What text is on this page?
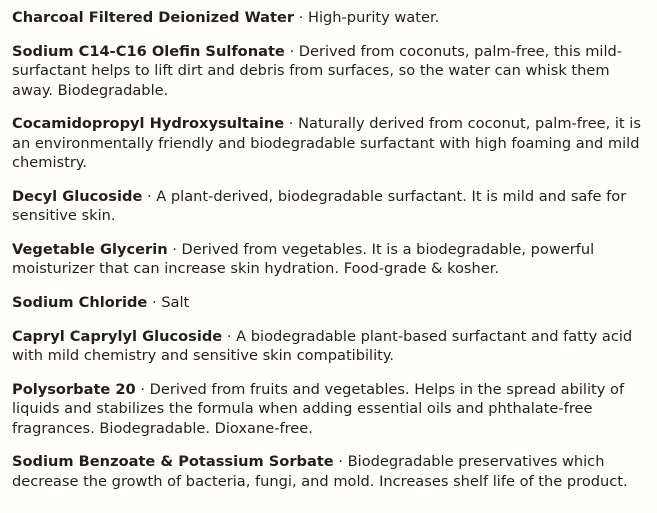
Charcoal Filtered Deionized Water · High-purity water.

Sodium C14-C16 Olefin Sulfonate · Derived from coconuts, palm-free, this mild-surfactant helps to lift dirt and debris from surfaces, so the water can whisk them away. Biodegradable.

Cocamidopropyl Hydroxysultaine · Naturally derived from coconut, palm-free, it is an environmentally friendly and biodegradable surfactant with high foaming and mild chemistry.

Decyl Glucoside · A plant-derived, biodegradable surfactant. It is mild and safe for sensitive skin.

Vegetable Glycerin · Derived from vegetables. It is a biodegradable, powerful moisturizer that can increase skin hydration. Food-grade & kosher.

Sodium Chloride · Salt

Capryl Caprylyl Glucoside · A biodegradable plant-based surfactant and fatty acid with mild chemistry and sensitive skin compatibility.

Polysorbate 20 · Derived from fruits and vegetables. Helps in the spread ability of liquids and stabilizes the formula when adding essential oils and phthalate-free fragrances. Biodegradable. Dioxane-free.

Sodium Benzoate & Potassium Sorbate · Biodegradable preservatives which decrease the growth of bacteria, fungi, and mold. Increases shelf life of the product.
